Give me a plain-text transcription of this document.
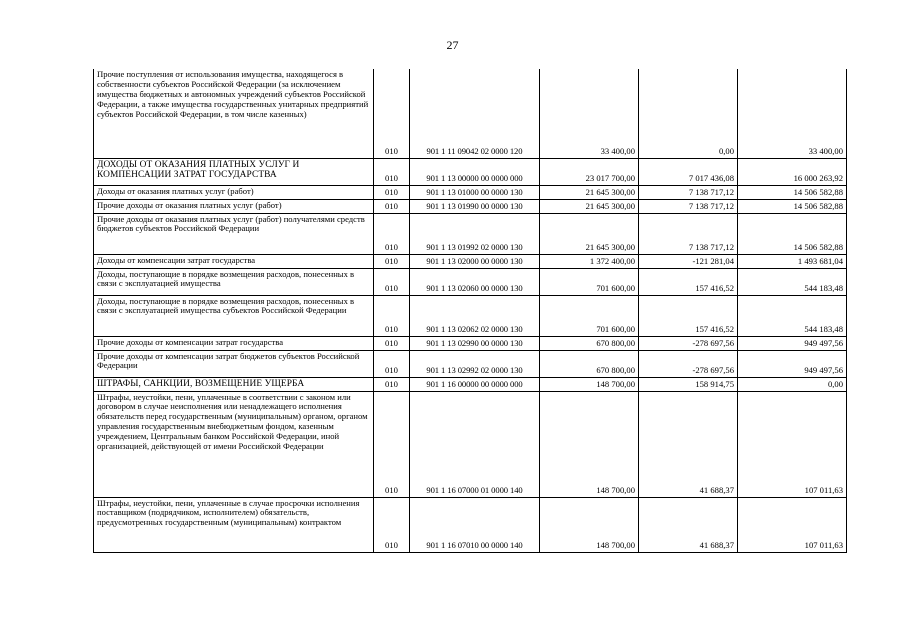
27
Прочие поступления от использования имущества, находящегося в собственности субъектов Российской Федерации (за исключением имущества бюджетных и автономных учреждений субъектов Российской Федерации, а также имущества государственных унитарных предприятий субъектов Российской Федерации, в том числе казенных)	010	901 1 11 09042 02 0000 120	33 400,00	0,00	33 400,00
ДОХОДЫ ОТ ОКАЗАНИЯ ПЛАТНЫХ УСЛУГ И КОМПЕНСАЦИИ ЗАТРАТ ГОСУДАРСТВА	010	901 1 13 00000 00 0000 000	23 017 700,00	7 017 436,08	16 000 263,92
Доходы от оказания платных услуг (работ)	010	901 1 13 01000 00 0000 130	21 645 300,00	7 138 717,12	14 506 582,88
Прочие доходы от оказания платных услуг (работ)	010	901 1 13 01990 00 0000 130	21 645 300,00	7 138 717,12	14 506 582,88
Прочие доходы от оказания платных услуг (работ) получателями средств бюджетов субъектов Российской Федерации	010	901 1 13 01992 02 0000 130	21 645 300,00	7 138 717,12	14 506 582,88
Доходы от компенсации затрат государства	010	901 1 13 02000 00 0000 130	1 372 400,00	-121 281,04	1 493 681,04
Доходы, поступающие в порядке возмещения расходов, понесенных в связи с эксплуатацией имущества	010	901 1 13 02060 00 0000 130	701 600,00	157 416,52	544 183,48
Доходы, поступающие в порядке возмещения расходов, понесенных в связи с эксплуатацией имущества субъектов Российской Федерации	010	901 1 13 02062 02 0000 130	701 600,00	157 416,52	544 183,48
Прочие доходы от компенсации затрат государства	010	901 1 13 02990 00 0000 130	670 800,00	-278 697,56	949 497,56
Прочие доходы от компенсации затрат бюджетов субъектов Российской Федерации	010	901 1 13 02992 02 0000 130	670 800,00	-278 697,56	949 497,56
ШТРАФЫ, САНКЦИИ, ВОЗМЕЩЕНИЕ УЩЕРБА	010	901 1 16 00000 00 0000 000	148 700,00	158 914,75	0,00
Штрафы, неустойки, пени, уплаченные в соответствии с законом или договором в случае неисполнения или ненадлежащего исполнения обязательств перед государственным (муниципальным) органом, органом управления государственным внебюджетным фондом, казенным учреждением, Центральным банком Российской Федерации, иной организацией, действующей от имени Российской Федерации	010	901 1 16 07000 01 0000 140	148 700,00	41 688,37	107 011,63
Штрафы, неустойки, пени, уплаченные в случае просрочки исполнения поставщиком (подрядчиком, исполнителем) обязательств, предусмотренных государственным (муниципальным) контрактом	010	901 1 16 07010 00 0000 140	148 700,00	41 688,37	107 011,63
